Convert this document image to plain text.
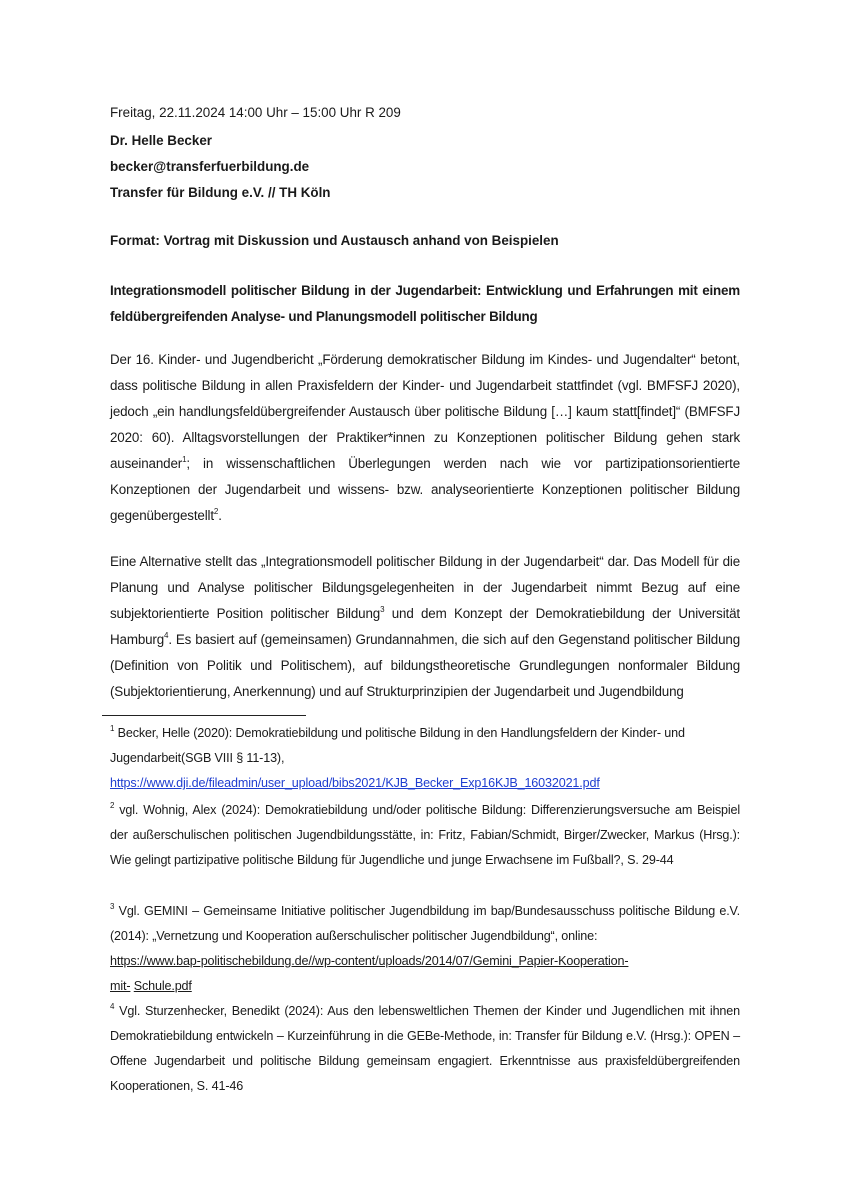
Freitag, 22.11.2024 14:00 Uhr – 15:00 Uhr R 209
Dr. Helle Becker
becker@transferfuerbildung.de
Transfer für Bildung e.V. // TH Köln
Format: Vortrag mit Diskussion und Austausch anhand von Beispielen
Integrationsmodell politischer Bildung in der Jugendarbeit: Entwicklung und Erfahrungen mit einem
feldübergreifenden Analyse- und Planungsmodell politischer Bildung

Der 16. Kinder- und Jugendbericht „Förderung demokratischer Bildung im Kindes- und Jugendalter“ betont, dass politische Bildung in allen Praxisfeldern der Kinder- und Jugendarbeit stattfindet (vgl. BMFSFJ 2020), jedoch „ein handlungsfeldübergreifender Austausch über politische Bildung […] kaum statt[findet]“ (BMFSFJ 2020: 60). Alltagsvorstellungen der Praktiker*innen zu Konzeptionen politischer Bildung gehen stark auseinander$^1$; in wissenschaftlichen Überlegungen werden nach wie vor partizipationsorientierte Konzeptionen der Jugendarbeit und wissens- bzw. analyseorientierte Konzeptionen politischer Bildung gegenübergestellt$^2$.

Eine Alternative stellt das „Integrationsmodell politischer Bildung in der Jugendarbeit“ dar. Das Modell für die Planung und Analyse politischer Bildungsgelegenheiten in der Jugendarbeit nimmt Bezug auf eine subjektorientierte Position politischer Bildung$^3$ und dem Konzept der Demokratiebildung der Universität Hamburg$^4$. Es basiert auf (gemeinsamen) Grundannahmen, die sich auf den Gegenstand politischer Bildung (Definition von Politik und Politischem), auf bildungstheoretische Grundlegungen nonformaler Bildung (Subjektorientierung, Anerkennung) und auf Strukturprinzipien der Jugendarbeit und Jugendbildung

$^1$ Becker, Helle (2020): Demokratiebildung und politische Bildung in den Handlungsfeldern der Kinder- und Jugendarbeit(SGB VIII § 11-13),
https://www.dji.de/fileadmin/user_upload/bibs2021/KJB_Becker_Exp16KJB_16032021.pdf
$^2$ vgl. Wohnig, Alex (2024): Demokratiebildung und/oder politische Bildung: Differenzierungsversuche am Beispiel der außerschulischen politischen Jugendbildungsstätte, in: Fritz, Fabian/Schmidt, Birger/Zwecker, Markus (Hrsg.): Wie gelingt partizipative politische Bildung für Jugendliche und junge Erwachsene im Fußball?, S. 29-44
$^3$ Vgl. GEMINI – Gemeinsame Initiative politischer Jugendbildung im bap/Bundesausschuss politische Bildung e.V. (2014): „Vernetzung und Kooperation außerschulischer politischer Jugendbildung“, online:
https://www.bap-politischebildung.de//wp-content/uploads/2014/07/Gemini_Papier-Kooperation-
mit- Schule.pdf
$^4$ Vgl. Sturzenhecker, Benedikt (2024): Aus den lebensweltlichen Themen der Kinder und Jugendlichen mit ihnen Demokratiebildung entwickeln – Kurzeinführung in die GEBe-Methode, in: Transfer für Bildung e.V. (Hrsg.): OPEN – Offene Jugendarbeit und politische Bildung gemeinsam engagiert. Erkenntnisse aus praxisfeldübergreifenden Kooperationen, S. 41-46
